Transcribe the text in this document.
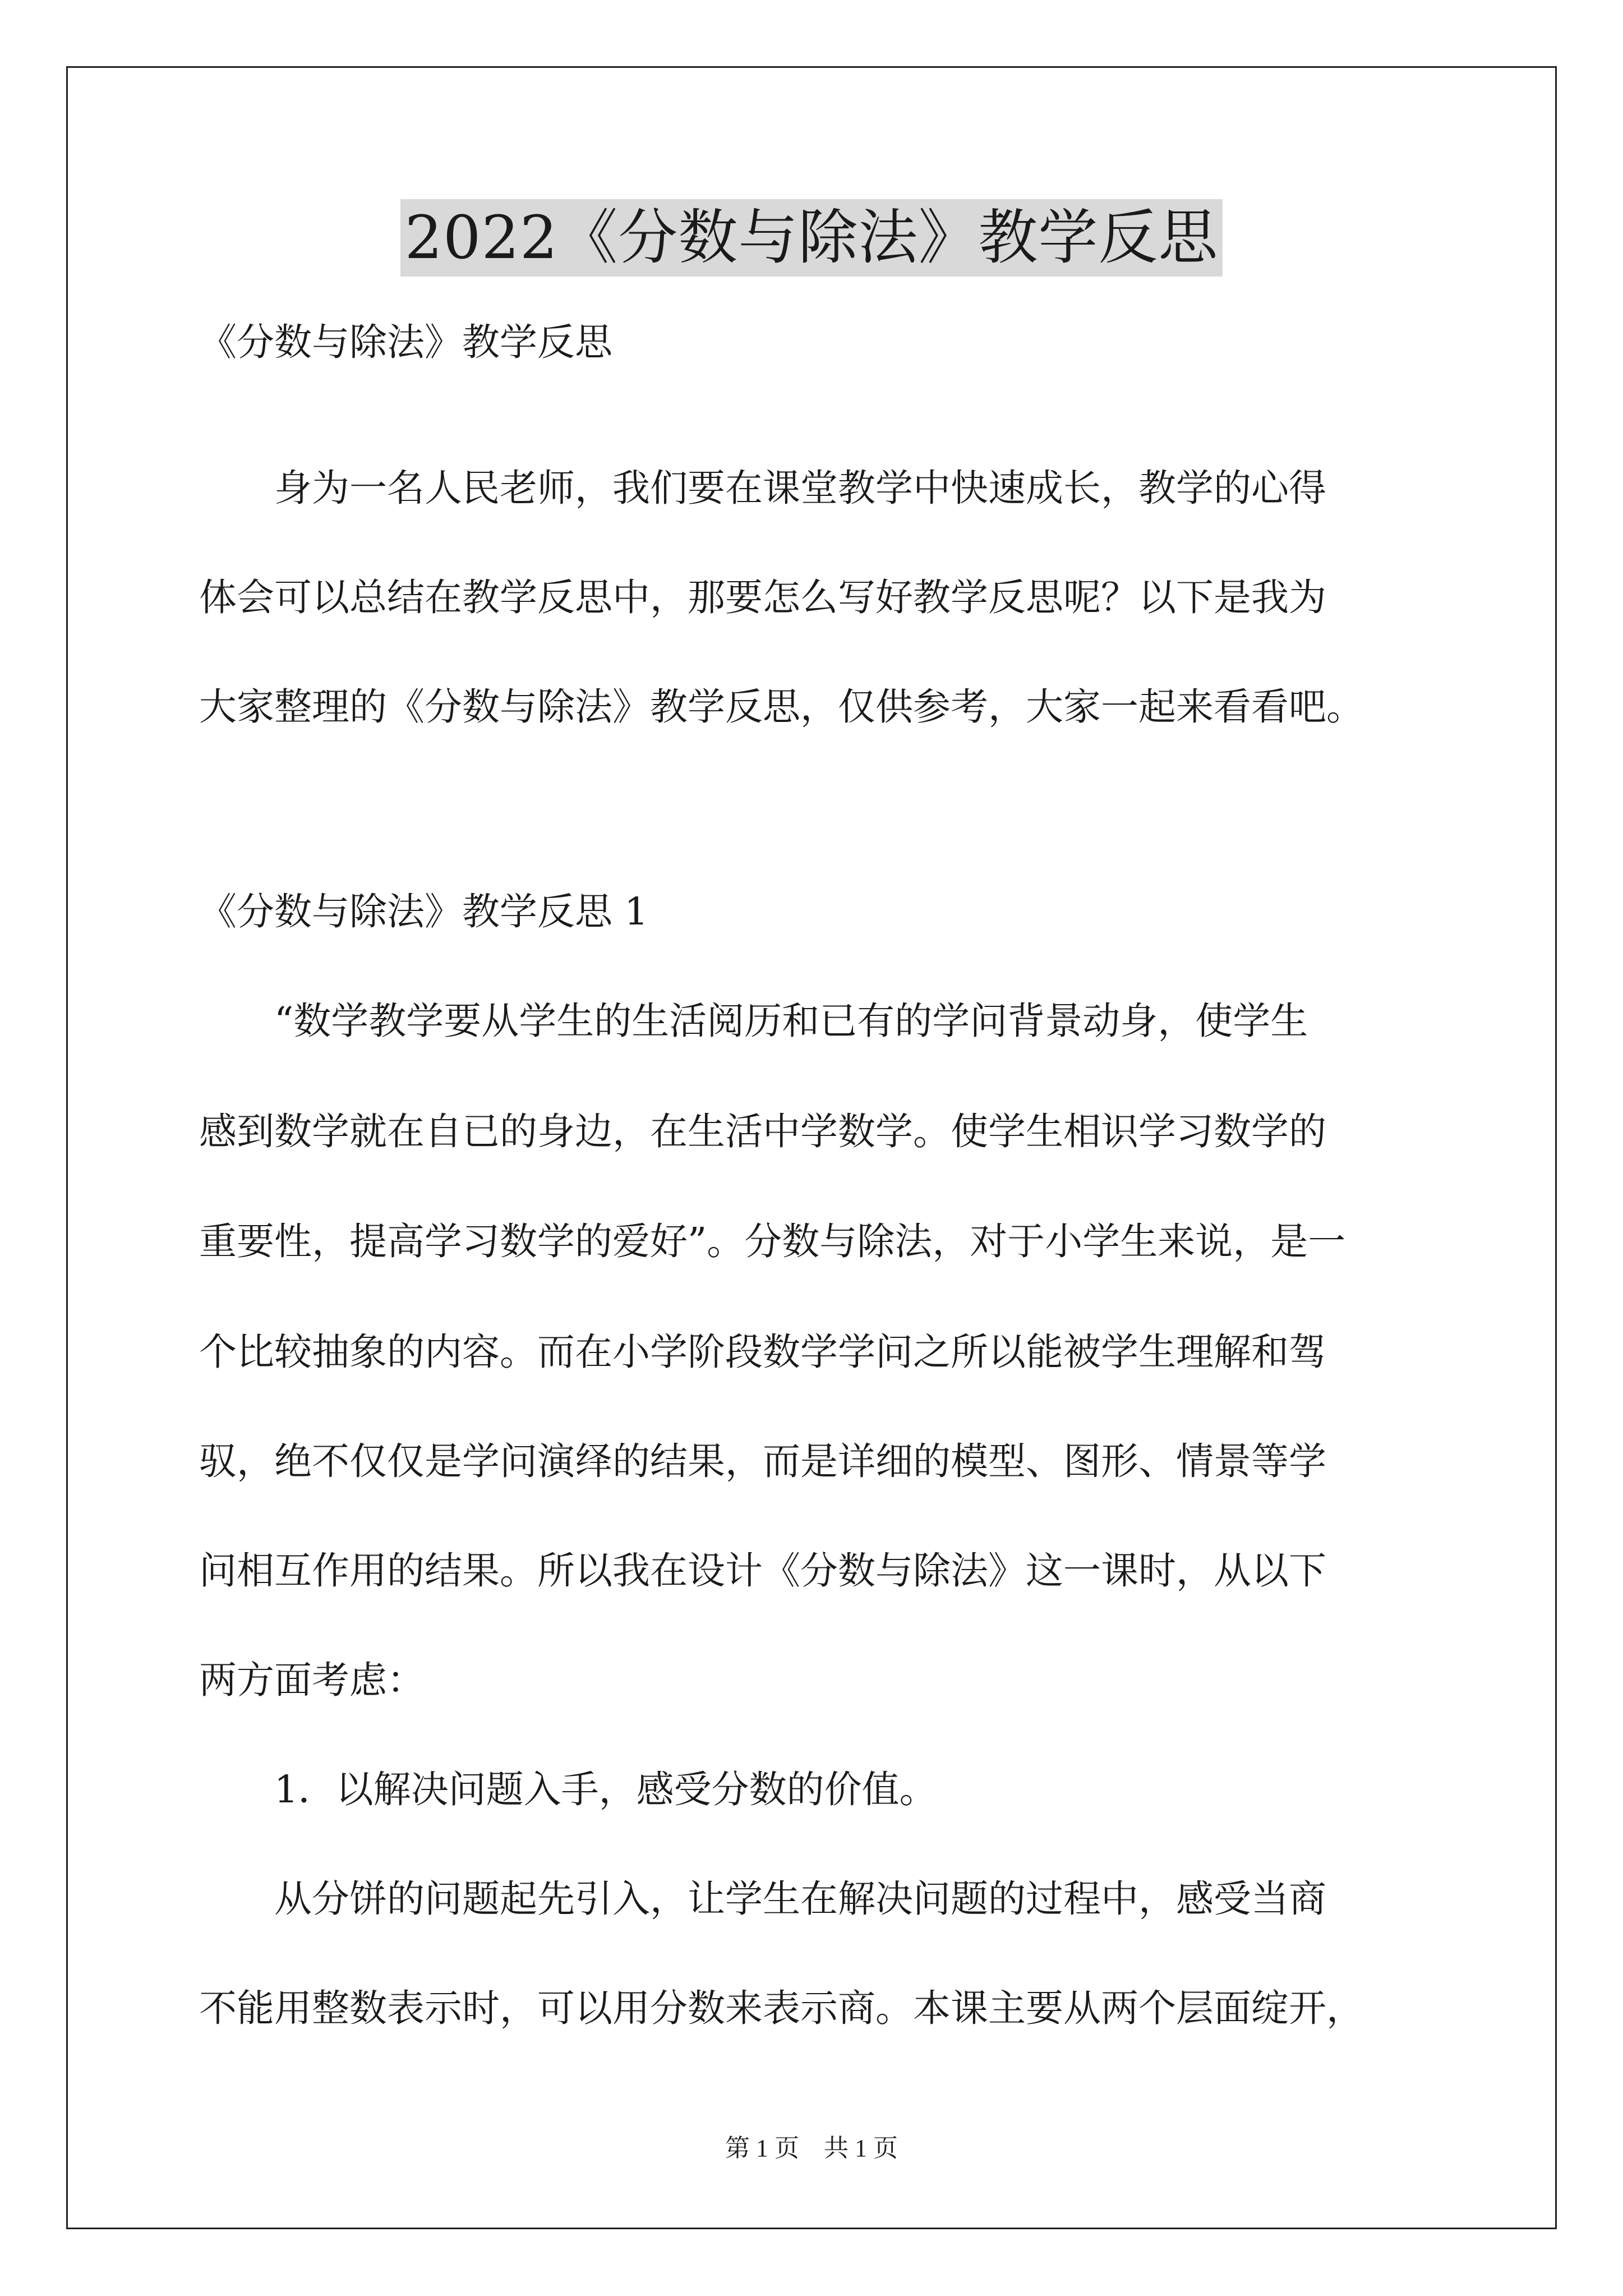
2022《分数与除法》教学反思
《分数与除法》教学反思
　　身为一名人民老师，我们要在课堂教学中快速成长，教学的心得
体会可以总结在教学反思中，那要怎么写好教学反思呢？以下是我为
大家整理的《分数与除法》教学反思，仅供参考，大家一起来看看吧。
《分数与除法》教学反思 1
　　“数学教学要从学生的生活阅历和已有的学问背景动身，使学生
感到数学就在自已的身边，在生活中学数学。使学生相识学习数学的
重要性，提高学习数学的爱好”。分数与除法，对于小学生来说，是一
个比较抽象的内容。而在小学阶段数学学问之所以能被学生理解和驾
驭，绝不仅仅是学问演绎的结果，而是详细的模型、图形、情景等学
问相互作用的结果。所以我在设计《分数与除法》这一课时，从以下
两方面考虑：
　　1．以解决问题入手，感受分数的价值。
　　从分饼的问题起先引入，让学生在解决问题的过程中，感受当商
不能用整数表示时，可以用分数来表示商。本课主要从两个层面绽开，
第 1 页　共 1 页
